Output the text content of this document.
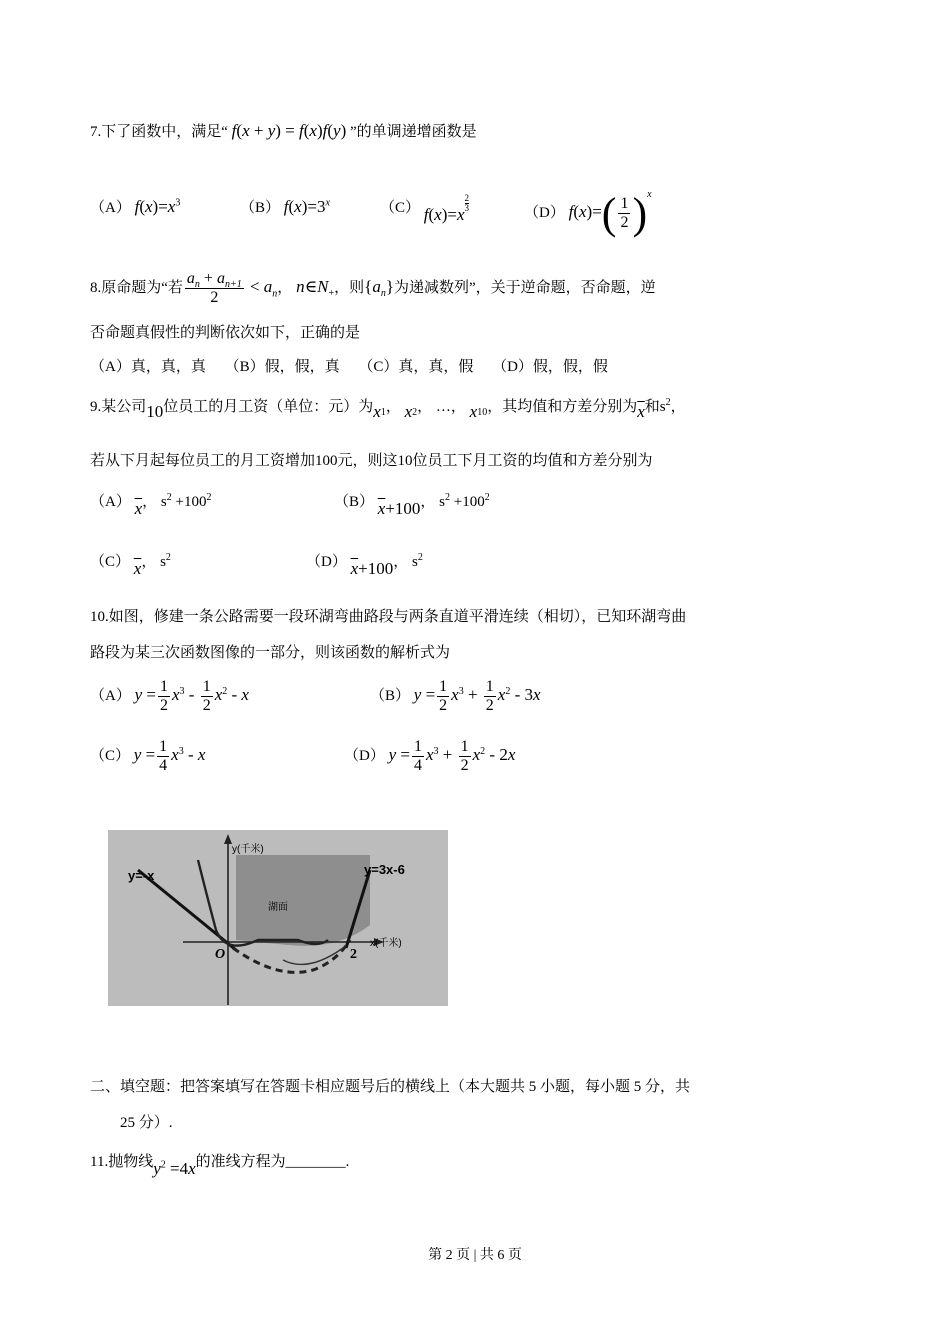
7.下了函数中，满足“ f(x + y) = f(x)f(y) ”的单调递增函数是
（A） $f(x)=x^3$	（B） $f(x)=3^x$	（C） f(x)=x
$\frac{2}{3}$	（D） $f(x)=( \frac{1}{2} )^x$
8.原命题为“若 $\frac{a_n + a_{n+1}}{2} < a_n$， $n\in N_+$，则$\{a_n\}$为递减数列”，关于逆命题，否命题，逆
否命题真假性的判断依次如下，正确的是
（A）真，真，真　 （B）假，假，真　 （C）真，真，假　 （D）假，假，假
9.某公司10位员工的月工资（单位：元）为$x_1$， $x_2$， …， $x_{10}$，其均值和方差分别为$\overline{x}$和$s^2$，
若从下月起每位员工的月工资增加100元，则这10位员工下月工资的均值和方差分别为
（A） $\overline{x}$， $s^2 +100^2$	（B） $\overline{x}+100$， $s^2 +100^2$
（C） $\overline{x}$， $s^2$	（D） $\overline{x}+100$， $s^2$
10.如图，修建一条公路需要一段环湖弯曲路段与两条直道平滑连续（相切），已知环湖弯曲
路段为某三次函数图像的一部分，则该函数的解析式为
（A） $y = \frac{1}{2} x^3 - \frac{1}{2} x^2 - x$	（B） $y = \frac{1}{2} x^3 + \frac{1}{2} x^2 - 3x$
（C） $y = \frac{1}{4} x^3 - x$	（D） $y = \frac{1}{4} x^3 + \frac{1}{2} x^2 - 2x$
y(千米)
x(千米)
y=-x	y=3x-6
湖面
O	2
二、填空题：把答案填写在答题卡相应题号后的横线上（本大题共 5 小题，每小题 5 分，共
25 分）.
11.抛物线$y^2 =4x$的准线方程为________.
第 2 页 | 共 6 页
